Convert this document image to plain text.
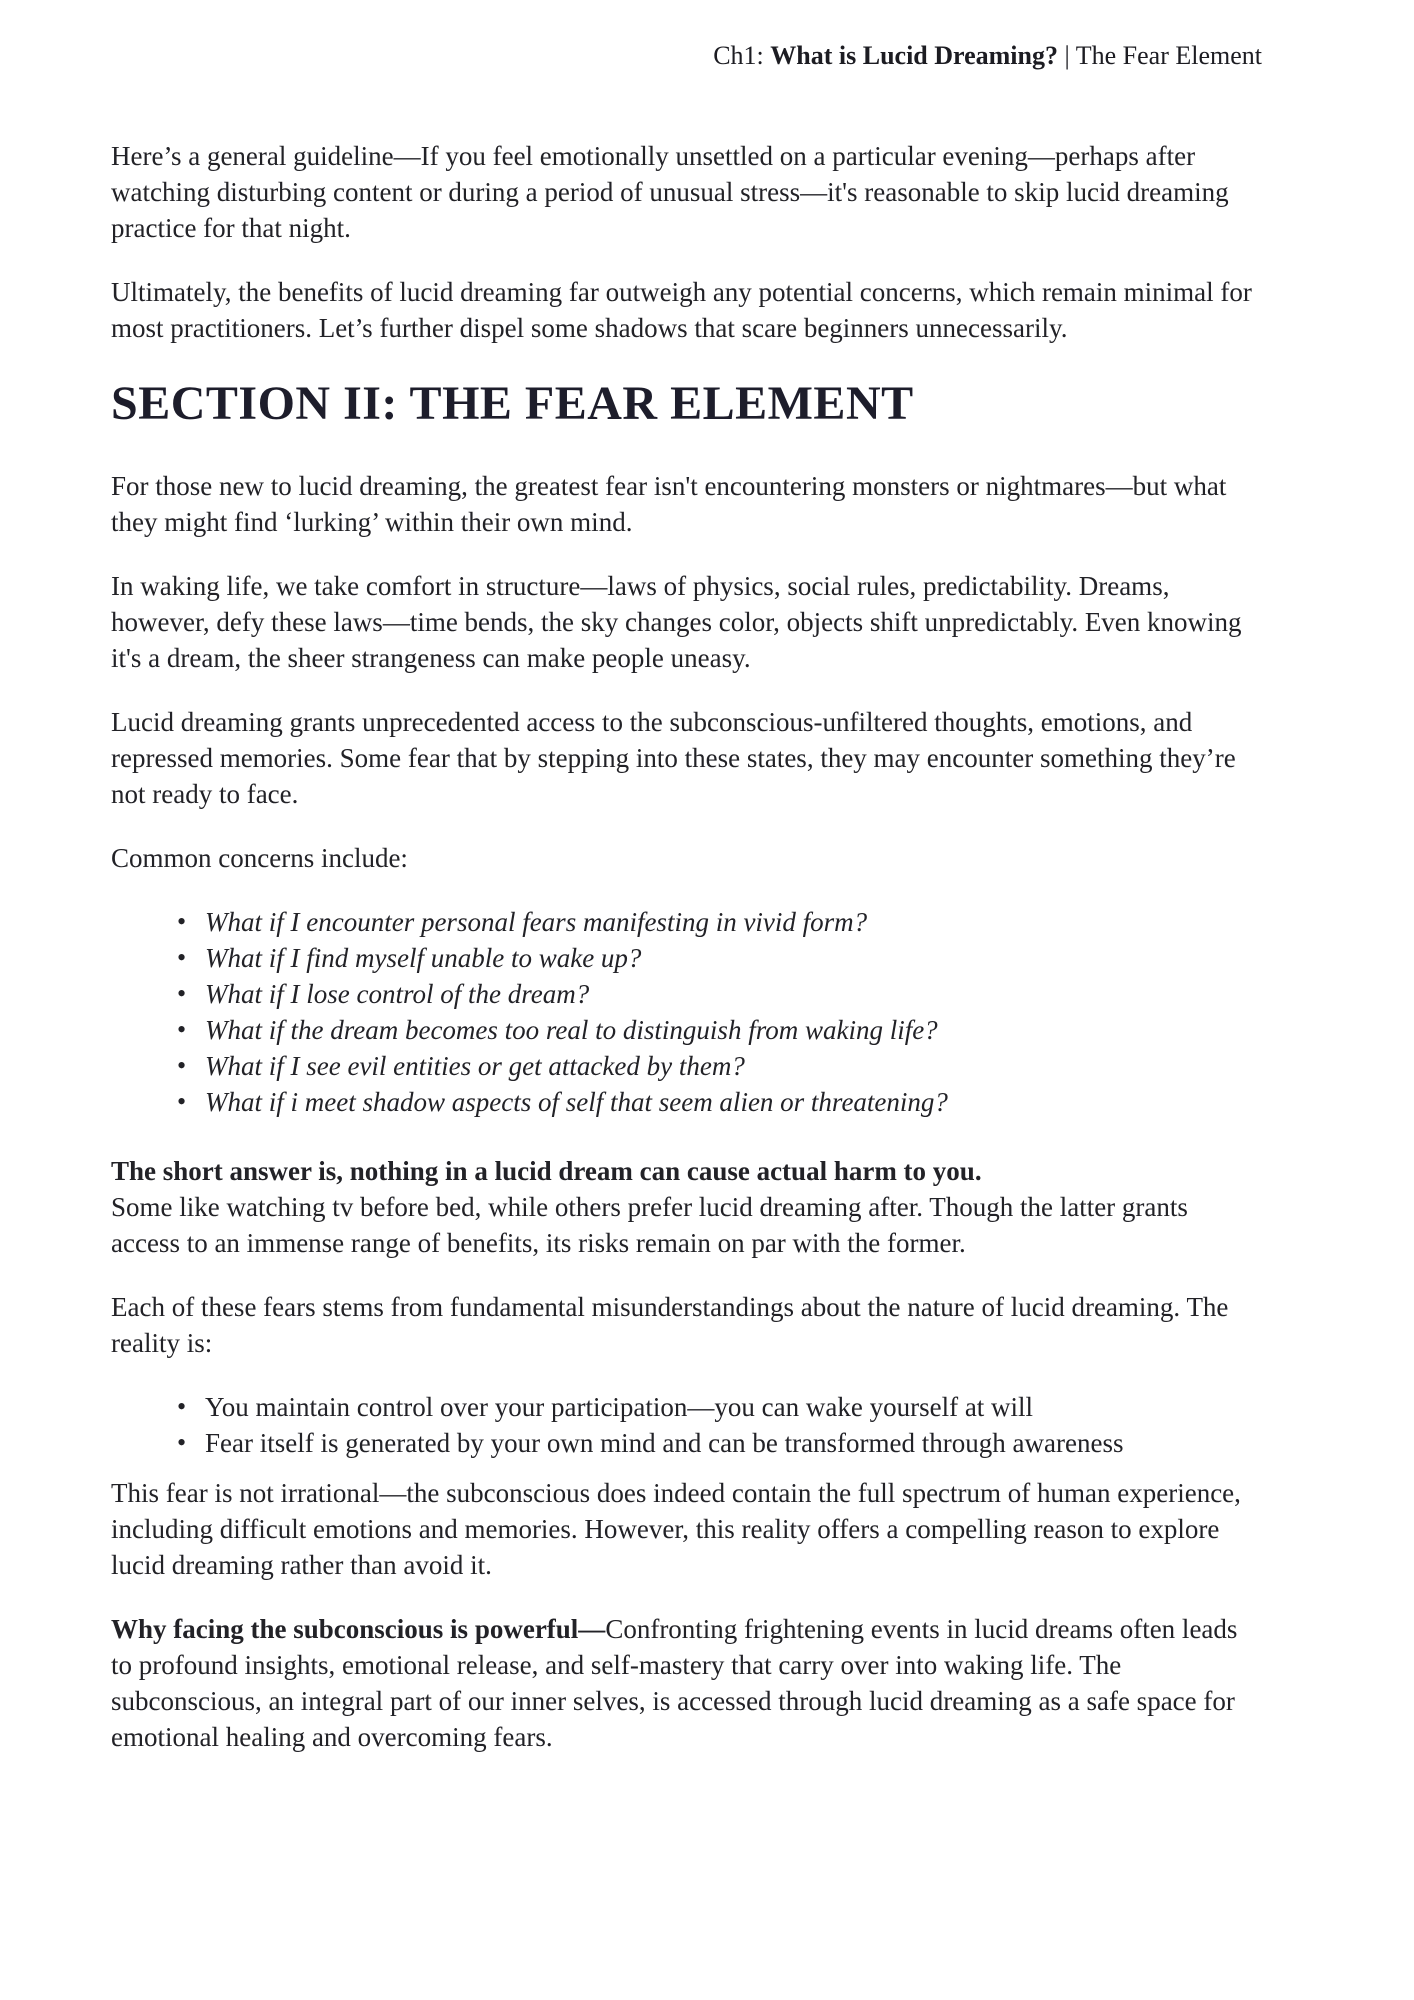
Ch1: What is Lucid Dreaming? | The Fear Element

Here’s a general guideline—If you feel emotionally unsettled on a particular evening—perhaps after watching disturbing content or during a period of unusual stress—it's reasonable to skip lucid dreaming practice for that night.

Ultimately, the benefits of lucid dreaming far outweigh any potential concerns, which remain minimal for most practitioners. Let’s further dispel some shadows that scare beginners unnecessarily.

SECTION II: THE FEAR ELEMENT

For those new to lucid dreaming, the greatest fear isn't encountering monsters or nightmares—but what they might find ‘lurking’ within their own mind.

In waking life, we take comfort in structure—laws of physics, social rules, predictability. Dreams, however, defy these laws—time bends, the sky changes color, objects shift unpredictably. Even knowing it's a dream, the sheer strangeness can make people uneasy.

Lucid dreaming grants unprecedented access to the subconscious-unfiltered thoughts, emotions, and repressed memories. Some fear that by stepping into these states, they may encounter something they’re not ready to face.

Common concerns include:

• What if I encounter personal fears manifesting in vivid form?
• What if I find myself unable to wake up?
• What if I lose control of the dream?
• What if the dream becomes too real to distinguish from waking life?
• What if I see evil entities or get attacked by them?
• What if i meet shadow aspects of self that seem alien or threatening?

The short answer is, nothing in a lucid dream can cause actual harm to you.
Some like watching tv before bed, while others prefer lucid dreaming after. Though the latter grants access to an immense range of benefits, its risks remain on par with the former.

Each of these fears stems from fundamental misunderstandings about the nature of lucid dreaming. The reality is:

• You maintain control over your participation—you can wake yourself at will
• Fear itself is generated by your own mind and can be transformed through awareness

This fear is not irrational—the subconscious does indeed contain the full spectrum of human experience, including difficult emotions and memories. However, this reality offers a compelling reason to explore lucid dreaming rather than avoid it.

Why facing the subconscious is powerful—Confronting frightening events in lucid dreams often leads to profound insights, emotional release, and self-mastery that carry over into waking life. The subconscious, an integral part of our inner selves, is accessed through lucid dreaming as a safe space for emotional healing and overcoming fears.
